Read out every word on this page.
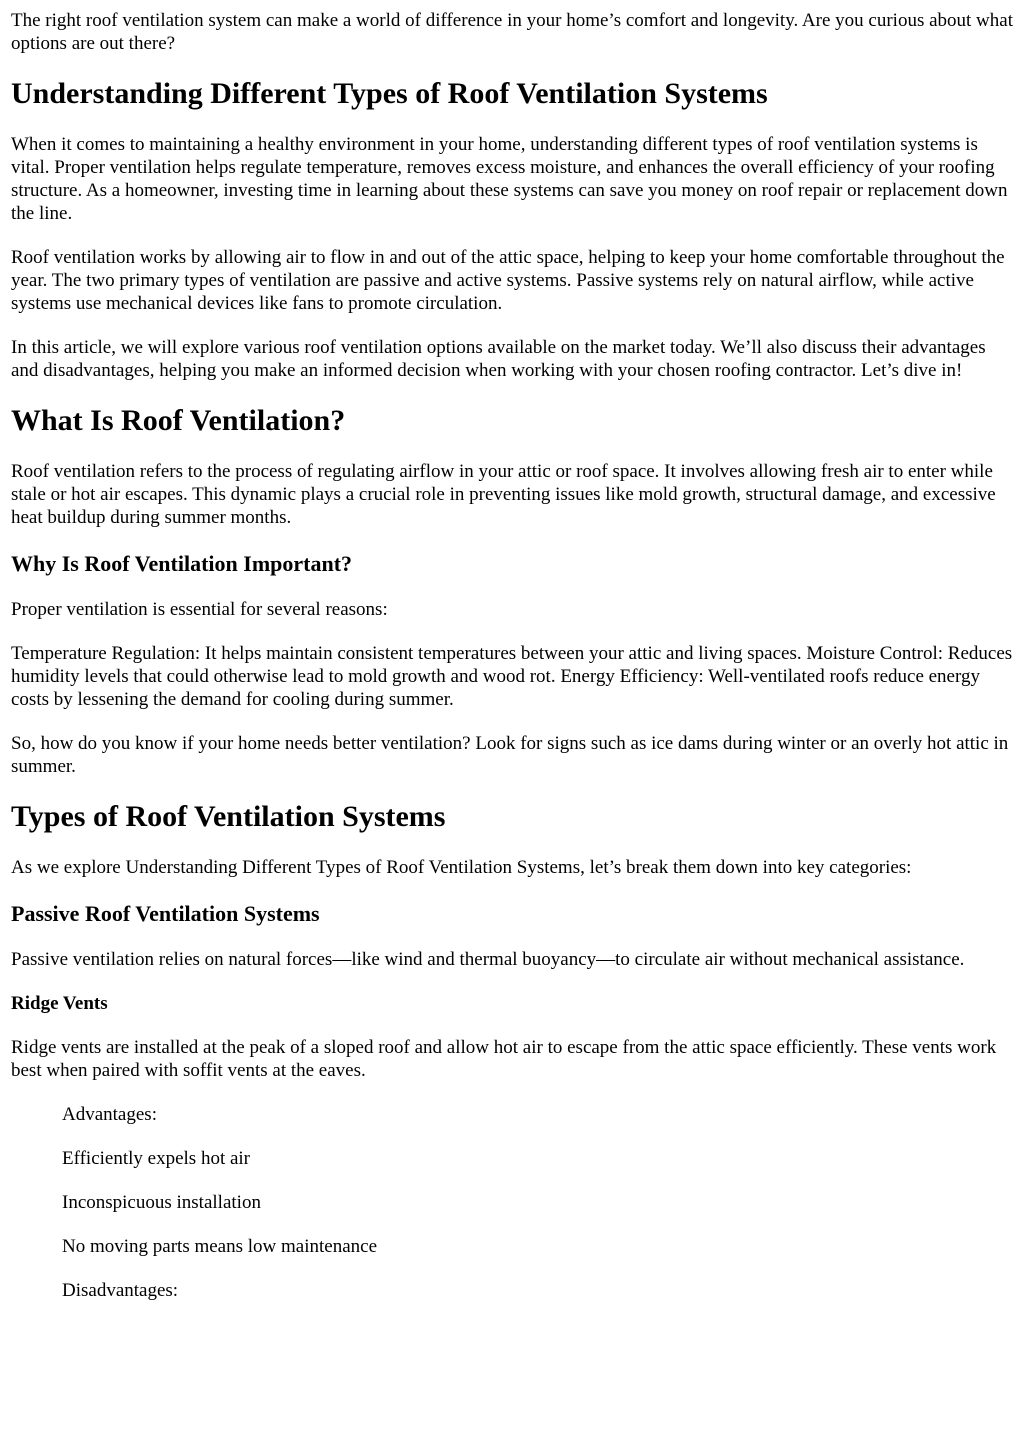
The right roof ventilation system can make a world of difference in your home’s comfort and longevity. Are you curious about what options are out there?

Understanding Different Types of Roof Ventilation Systems

When it comes to maintaining a healthy environment in your home, understanding different types of roof ventilation systems is vital. Proper ventilation helps regulate temperature, removes excess moisture, and enhances the overall efficiency of your roofing structure. As a homeowner, investing time in learning about these systems can save you money on roof repair or replacement down the line.

Roof ventilation works by allowing air to flow in and out of the attic space, helping to keep your home comfortable throughout the year. The two primary types of ventilation are passive and active systems. Passive systems rely on natural airflow, while active systems use mechanical devices like fans to promote circulation.

In this article, we will explore various roof ventilation options available on the market today. We’ll also discuss their advantages and disadvantages, helping you make an informed decision when working with your chosen roofing contractor. Let’s dive in!

What Is Roof Ventilation?

Roof ventilation refers to the process of regulating airflow in your attic or roof space. It involves allowing fresh air to enter while stale or hot air escapes. This dynamic plays a crucial role in preventing issues like mold growth, structural damage, and excessive heat buildup during summer months.

Why Is Roof Ventilation Important?

Proper ventilation is essential for several reasons:

Temperature Regulation: It helps maintain consistent temperatures between your attic and living spaces. Moisture Control: Reduces humidity levels that could otherwise lead to mold growth and wood rot. Energy Efficiency: Well-ventilated roofs reduce energy costs by lessening the demand for cooling during summer.

So, how do you know if your home needs better ventilation? Look for signs such as ice dams during winter or an overly hot attic in summer.

Types of Roof Ventilation Systems

As we explore Understanding Different Types of Roof Ventilation Systems, let’s break them down into key categories:

Passive Roof Ventilation Systems

Passive ventilation relies on natural forces—like wind and thermal buoyancy—to circulate air without mechanical assistance.

Ridge Vents

Ridge vents are installed at the peak of a sloped roof and allow hot air to escape from the attic space efficiently. These vents work best when paired with soffit vents at the eaves.

Advantages:

Efficiently expels hot air

Inconspicuous installation

No moving parts means low maintenance

Disadvantages:
